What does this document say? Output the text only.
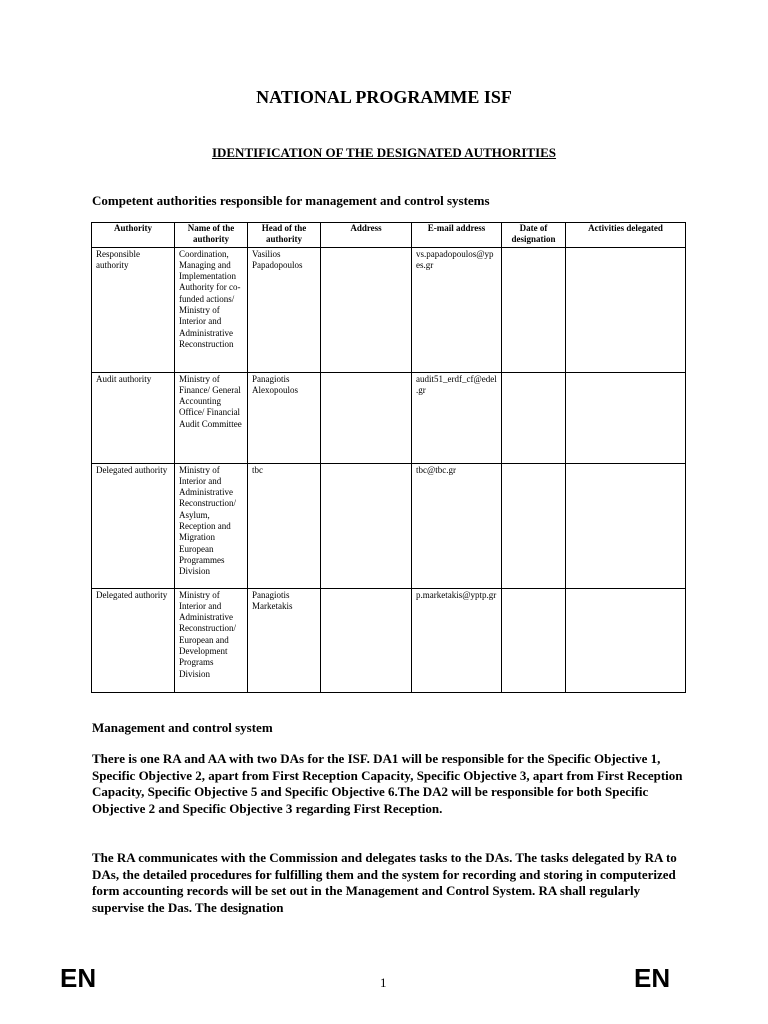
NATIONAL PROGRAMME ISF
IDENTIFICATION OF THE DESIGNATED AUTHORITIES
Competent authorities responsible for management and control systems
Authority	Name of the authority	Head of the authority	Address	E-mail address	Date of designation	Activities delegated
Responsible authority	Coordination, Managing and Implementation Authority for co-funded actions/ Ministry of Interior and Administrative Reconstruction	Vasilios Papadopoulos		vs.papadopoulos@ypes.gr		
Audit authority	Ministry of Finance/ General Accounting Office/ Financial Audit Committee	Panagiotis Alexopoulos		audit51_erdf_cf@edel.gr		
Delegated authority	Ministry of Interior and Administrative Reconstruction/ Asylum, Reception and Migration European Programmes Division	tbc		tbc@tbc.gr		
Delegated authority	Ministry of Interior and Administrative Reconstruction/ European and Development Programs Division	Panagiotis Marketakis		p.marketakis@yptp.gr		
Management and control system
There is one RA and AA with two DAs for the ISF. DA1 will be responsible for the Specific Objective 1, Specific Objective 2, apart from First Reception Capacity, Specific Objective 3, apart from First Reception Capacity, Specific Objective 5 and Specific Objective 6.The DA2 will be responsible for both Specific Objective 2 and Specific Objective 3 regarding First Reception.
The RA communicates with the Commission and delegates tasks to the DAs. The tasks delegated by RA to DAs, the detailed procedures for fulfilling them and the system for recording and storing in computerized form accounting records will be set out in the Management and Control System. RA shall regularly supervise the Das. The designation
EN	1	EN
